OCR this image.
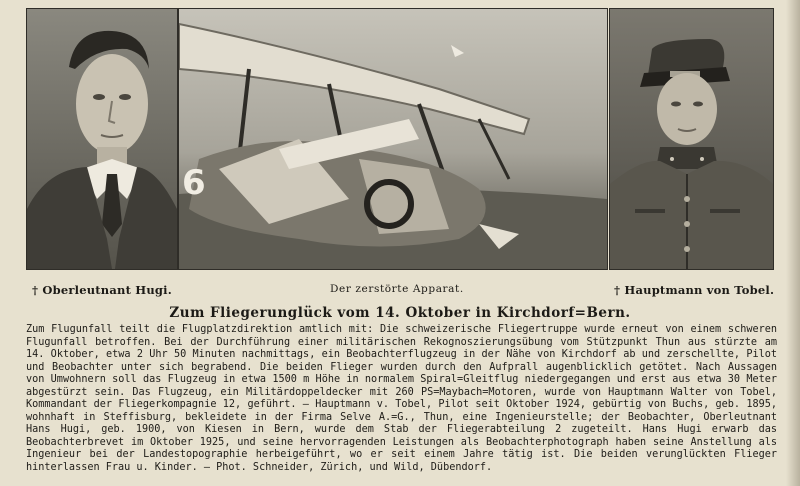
6
† Oberleutnant Hugi.	Der zerstörte Apparat.	† Hauptmann von Tobel.
Zum Fliegerunglück vom 14. Oktober in Kirchdorf=Bern.
Zum Flugunfall teilt die Flugplatzdirektion amtlich mit: Die schweizerische Fliegertruppe wurde erneut von einem schweren Flugunfall betroffen. Bei der Durchführung einer militärischen Rekognoszierungsübung vom Stützpunkt Thun aus stürzte am 14. Oktober, etwa 2 Uhr 50 Minuten nachmittags, ein Beobachterflugzeug in der Nähe von Kirchdorf ab und zerschellte, Pilot und Beobachter unter sich begrabend. Die beiden Flieger wurden durch den Aufprall augenblicklich getötet. Nach Aussagen von Umwohnern soll das Flugzeug in etwa 1500 m Höhe in normalem Spiral=Gleitflug niedergegangen und erst aus etwa 30 Meter abgestürzt sein. Das Flugzeug, ein Militärdoppeldecker mit 260 PS=Maybach=Motoren, wurde von Hauptmann Walter von Tobel, Kommandant der Fliegerkompagnie 12, geführt. — Hauptmann v. Tobel, Pilot seit Oktober 1924, gebürtig von Buchs, geb. 1895, wohnhaft in Steffisburg, bekleidete in der Firma Selve A.=G., Thun, eine Ingenieurstelle; der Beobachter, Oberleutnant Hans Hugi, geb. 1900, von Kiesen in Bern, wurde dem Stab der Fliegerabteilung 2 zugeteilt. Hans Hugi erwarb das Beobachterbrevet im Oktober 1925, und seine hervorragenden Leistungen als Beobachterphotograph haben seine Anstellung als Ingenieur bei der Landestopographie herbeigeführt, wo er seit einem Jahre tätig ist. Die beiden verunglückten Flieger hinterlassen Frau u. Kinder. — Phot. Schneider, Zürich, und Wild, Dübendorf.
